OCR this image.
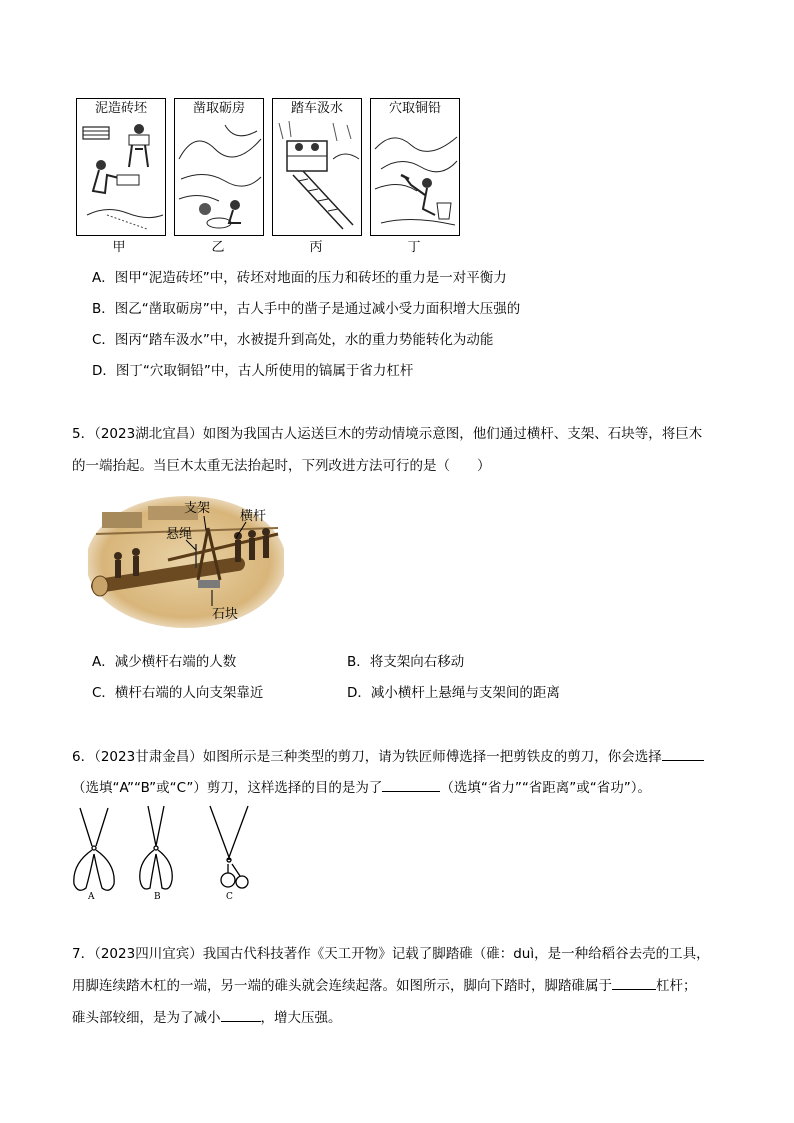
泥造砖坯	凿取砺房	踏车汲水	穴取铜铅
甲	乙	丙	丁
A．图甲“泥造砖坯”中，砖坯对地面的压力和砖坯的重力是一对平衡力
B．图乙“凿取砺房”中，古人手中的凿子是通过减小受力面积增大压强的
C．图丙“踏车汲水”中，水被提升到高处，水的重力势能转化为动能
D．图丁“穴取铜铅”中，古人所使用的镐属于省力杠杆
5．（2023湖北宜昌）如图为我国古人运送巨木的劳动情境示意图，他们通过横杆、支架、石块等，将巨木
的一端抬起。当巨木太重无法抬起时，下列改进方法可行的是（　　）
支架
横杆
悬绳
石块
A．减少横杆右端的人数	B．将支架向右移动
C．横杆右端的人向支架靠近	D．减小横杆上悬绳与支架间的距离
6．（2023甘肃金昌）如图所示是三种类型的剪刀，请为铁匠师傅选择一把剪铁皮的剪刀，你会选择
（选填“A”“B”或“C”）剪刀，这样选择的目的是为了	（选填“省力”“省距离”或“省功”）。
A	B	C
7．（2023四川宜宾）我国古代科技著作《天工开物》记载了脚踏碓（碓：duì，是一种给稻谷去壳的工具，
用脚连续踏木杠的一端，另一端的碓头就会连续起落。如图所示，脚向下踏时，脚踏碓属于	杠杆；
碓头部较细，是为了减小	，增大压强。
